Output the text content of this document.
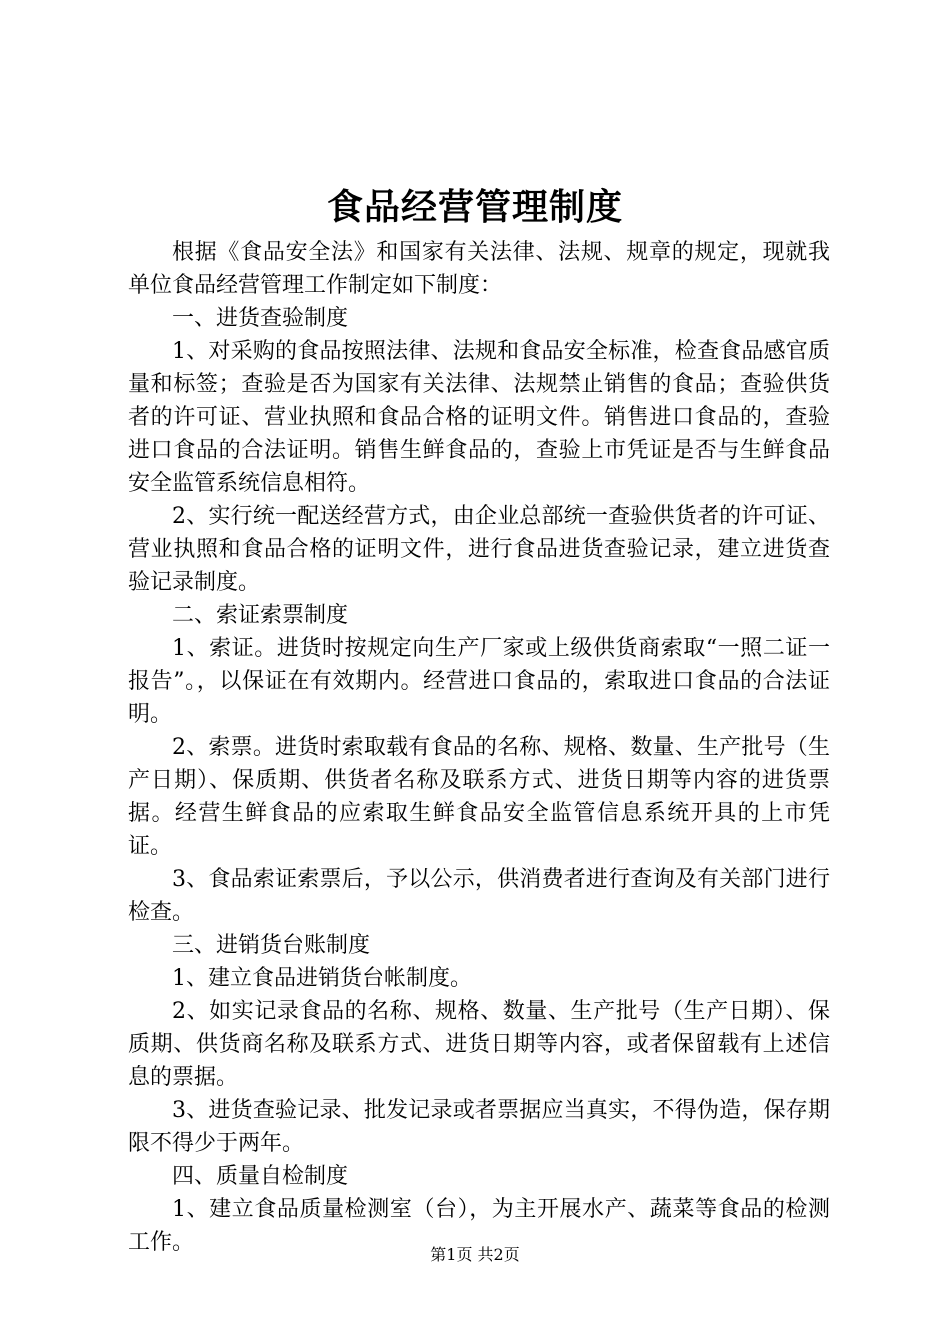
食品经营管理制度

根据《食品安全法》和国家有关法律、法规、规章的规定，现就我单位食品经营管理工作制定如下制度：

一、进货查验制度

1、对采购的食品按照法律、法规和食品安全标准，检查食品感官质量和标签；查验是否为国家有关法律、法规禁止销售的食品；查验供货者的许可证、营业执照和食品合格的证明文件。销售进口食品的，查验进口食品的合法证明。销售生鲜食品的，查验上市凭证是否与生鲜食品安全监管系统信息相符。

2、实行统一配送经营方式，由企业总部统一查验供货者的许可证、营业执照和食品合格的证明文件，进行食品进货查验记录，建立进货查验记录制度。

二、索证索票制度

1、索证。进货时按规定向生产厂家或上级供货商索取“一照二证一报告”。，以保证在有效期内。经营进口食品的，索取进口食品的合法证明。

2、索票。进货时索取载有食品的名称、规格、数量、生产批号（生产日期）、保质期、供货者名称及联系方式、进货日期等内容的进货票据。经营生鲜食品的应索取生鲜食品安全监管信息系统开具的上市凭证。

3、食品索证索票后，予以公示，供消费者进行查询及有关部门进行检查。

三、进销货台账制度

1、建立食品进销货台帐制度。

2、如实记录食品的名称、规格、数量、生产批号（生产日期）、保质期、供货商名称及联系方式、进货日期等内容，或者保留载有上述信息的票据。

3、进货查验记录、批发记录或者票据应当真实，不得伪造，保存期限不得少于两年。

四、质量自检制度

1、建立食品质量检测室（台），为主开展水产、蔬菜等食品的检测工作。	第1页 共2页
